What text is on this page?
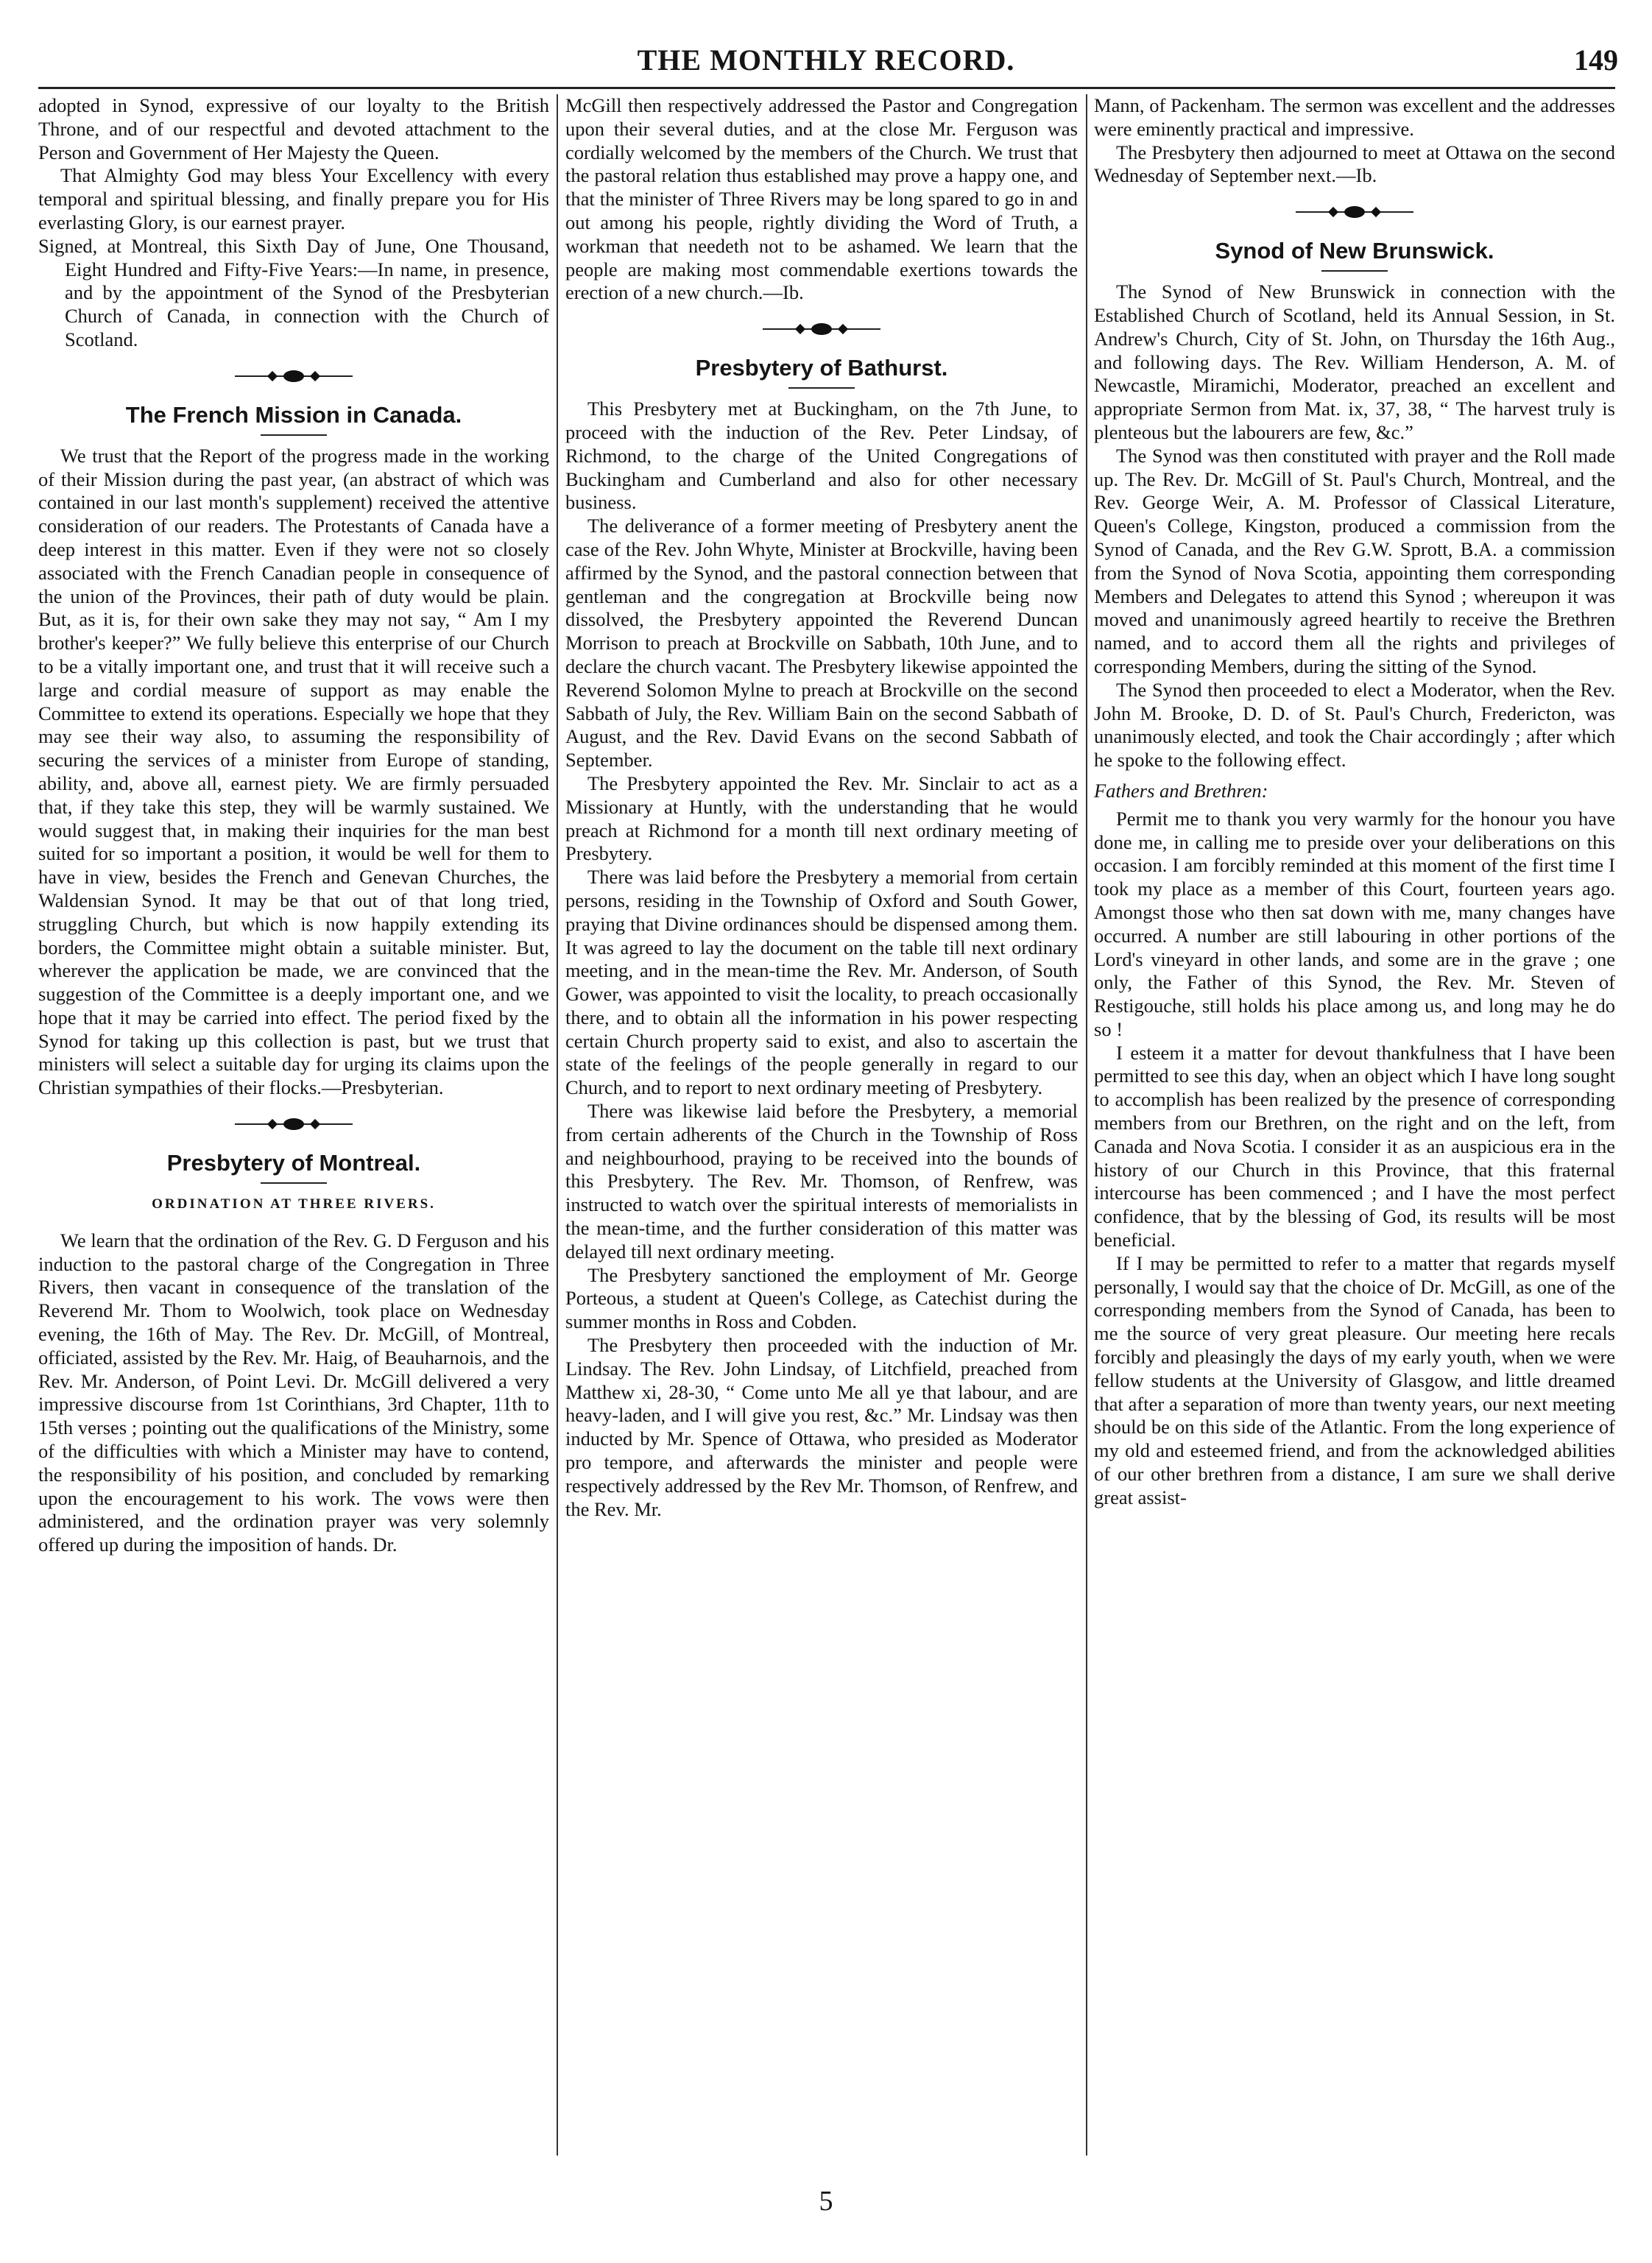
THE MONTHLY RECORD.	149

adopted in Synod, expressive of our loyalty to the British Throne, and of our respectful and devoted attachment to the Person and Government of Her Majesty the Queen.

That Almighty God may bless Your Excellency with every temporal and spiritual blessing, and finally prepare you for His everlasting Glory, is our earnest prayer.

Signed, at Montreal, this Sixth Day of June, One Thousand, Eight Hundred and Fifty-Five Years:—In name, in presence, and by the appointment of the Synod of the Presbyterian Church of Canada, in connection with the Church of Scotland.

The French Mission in Canada.

We trust that the Report of the progress made in the working of their Mission during the past year, (an abstract of which was contained in our last month's supplement) received the attentive consideration of our readers. The Protestants of Canada have a deep interest in this matter. Even if they were not so closely associated with the French Canadian people in consequence of the union of the Provinces, their path of duty would be plain. But, as it is, for their own sake they may not say, “ Am I my brother's keeper?” We fully believe this enterprise of our Church to be a vitally important one, and trust that it will receive such a large and cordial measure of support as may enable the Committee to extend its operations. Especially we hope that they may see their way also, to assuming the responsibility of securing the services of a minister from Europe of standing, ability, and, above all, earnest piety. We are firmly persuaded that, if they take this step, they will be warmly sustained. We would suggest that, in making their inquiries for the man best suited for so important a position, it would be well for them to have in view, besides the French and Genevan Churches, the Waldensian Synod. It may be that out of that long tried, struggling Church, but which is now happily extending its borders, the Committee might obtain a suitable minister. But, wherever the application be made, we are convinced that the suggestion of the Committee is a deeply important one, and we hope that it may be carried into effect. The period fixed by the Synod for taking up this collection is past, but we trust that ministers will select a suitable day for urging its claims upon the Christian sympathies of their flocks.—Presbyterian.

Presbytery of Montreal.
ORDINATION AT THREE RIVERS.

We learn that the ordination of the Rev. G. D Ferguson and his induction to the pastoral charge of the Congregation in Three Rivers, then vacant in consequence of the translation of the Reverend Mr. Thom to Woolwich, took place on Wednesday evening, the 16th of May. The Rev. Dr. McGill, of Montreal, officiated, assisted by the Rev. Mr. Haig, of Beauharnois, and the Rev. Mr. Anderson, of Point Levi. Dr. McGill delivered a very impressive discourse from 1st Corinthians, 3rd Chapter, 11th to 15th verses ; pointing out the qualifications of the Ministry, some of the difficulties with which a Minister may have to contend, the responsibility of his position, and concluded by remarking upon the encouragement to his work. The vows were then administered, and the ordination prayer was very solemnly offered up during the imposition of hands. Dr.

McGill then respectively addressed the Pastor and Congregation upon their several duties, and at the close Mr. Ferguson was cordially welcomed by the members of the Church. We trust that the pastoral relation thus established may prove a happy one, and that the minister of Three Rivers may be long spared to go in and out among his people, rightly dividing the Word of Truth, a workman that needeth not to be ashamed. We learn that the people are making most commendable exertions towards the erection of a new church.—Ib.

Presbytery of Bathurst.

This Presbytery met at Buckingham, on the 7th June, to proceed with the induction of the Rev. Peter Lindsay, of Richmond, to the charge of the United Congregations of Buckingham and Cumberland and also for other necessary business.

The deliverance of a former meeting of Presbytery anent the case of the Rev. John Whyte, Minister at Brockville, having been affirmed by the Synod, and the pastoral connection between that gentleman and the congregation at Brockville being now dissolved, the Presbytery appointed the Reverend Duncan Morrison to preach at Brockville on Sabbath, 10th June, and to declare the church vacant. The Presbytery likewise appointed the Reverend Solomon Mylne to preach at Brockville on the second Sabbath of July, the Rev. William Bain on the second Sabbath of August, and the Rev. David Evans on the second Sabbath of September.

The Presbytery appointed the Rev. Mr. Sinclair to act as a Missionary at Huntly, with the understanding that he would preach at Richmond for a month till next ordinary meeting of Presbytery.

There was laid before the Presbytery a memorial from certain persons, residing in the Township of Oxford and South Gower, praying that Divine ordinances should be dispensed among them. It was agreed to lay the document on the table till next ordinary meeting, and in the mean-time the Rev. Mr. Anderson, of South Gower, was appointed to visit the locality, to preach occasionally there, and to obtain all the information in his power respecting certain Church property said to exist, and also to ascertain the state of the feelings of the people generally in regard to our Church, and to report to next ordinary meeting of Presbytery.

There was likewise laid before the Presbytery, a memorial from certain adherents of the Church in the Township of Ross and neighbourhood, praying to be received into the bounds of this Presbytery. The Rev. Mr. Thomson, of Renfrew, was instructed to watch over the spiritual interests of memorialists in the mean-time, and the further consideration of this matter was delayed till next ordinary meeting.

The Presbytery sanctioned the employment of Mr. George Porteous, a student at Queen's College, as Catechist during the summer months in Ross and Cobden.

The Presbytery then proceeded with the induction of Mr. Lindsay. The Rev. John Lindsay, of Litchfield, preached from Matthew xi, 28-30, “ Come unto Me all ye that labour, and are heavy-laden, and I will give you rest, &c.” Mr. Lindsay was then inducted by Mr. Spence of Ottawa, who presided as Moderator pro tempore, and afterwards the minister and people were respectively addressed by the Rev Mr. Thomson, of Renfrew, and the Rev. Mr.

Mann, of Packenham. The sermon was excellent and the addresses were eminently practical and impressive.

The Presbytery then adjourned to meet at Ottawa on the second Wednesday of September next.—Ib.

Synod of New Brunswick.

The Synod of New Brunswick in connection with the Established Church of Scotland, held its Annual Session, in St. Andrew's Church, City of St. John, on Thursday the 16th Aug., and following days. The Rev. William Henderson, A. M. of Newcastle, Miramichi, Moderator, preached an excellent and appropriate Sermon from Mat. ix, 37, 38, “ The harvest truly is plenteous but the labourers are few, &c.”

The Synod was then constituted with prayer and the Roll made up. The Rev. Dr. McGill of St. Paul's Church, Montreal, and the Rev. George Weir, A. M. Professor of Classical Literature, Queen's College, Kingston, produced a commission from the Synod of Canada, and the Rev G.W. Sprott, B.A. a commission from the Synod of Nova Scotia, appointing them corresponding Members and Delegates to attend this Synod ; whereupon it was moved and unanimously agreed heartily to receive the Brethren named, and to accord them all the rights and privileges of corresponding Members, during the sitting of the Synod.

The Synod then proceeded to elect a Moderator, when the Rev. John M. Brooke, D. D. of St. Paul's Church, Fredericton, was unanimously elected, and took the Chair accordingly ; after which he spoke to the following effect.

Fathers and Brethren:

Permit me to thank you very warmly for the honour you have done me, in calling me to preside over your deliberations on this occasion. I am forcibly reminded at this moment of the first time I took my place as a member of this Court, fourteen years ago. Amongst those who then sat down with me, many changes have occurred. A number are still labouring in other portions of the Lord's vineyard in other lands, and some are in the grave ; one only, the Father of this Synod, the Rev. Mr. Steven of Restigouche, still holds his place among us, and long may he do so !

I esteem it a matter for devout thankfulness that I have been permitted to see this day, when an object which I have long sought to accomplish has been realized by the presence of corresponding members from our Brethren, on the right and on the left, from Canada and Nova Scotia. I consider it as an auspicious era in the history of our Church in this Province, that this fraternal intercourse has been commenced ; and I have the most perfect confidence, that by the blessing of God, its results will be most beneficial.

If I may be permitted to refer to a matter that regards myself personally, I would say that the choice of Dr. McGill, as one of the corresponding members from the Synod of Canada, has been to me the source of very great pleasure. Our meeting here recals forcibly and pleasingly the days of my early youth, when we were fellow students at the University of Glasgow, and little dreamed that after a separation of more than twenty years, our next meeting should be on this side of the Atlantic. From the long experience of my old and esteemed friend, and from the acknowledged abilities of our other brethren from a distance, I am sure we shall derive great assist-

5
